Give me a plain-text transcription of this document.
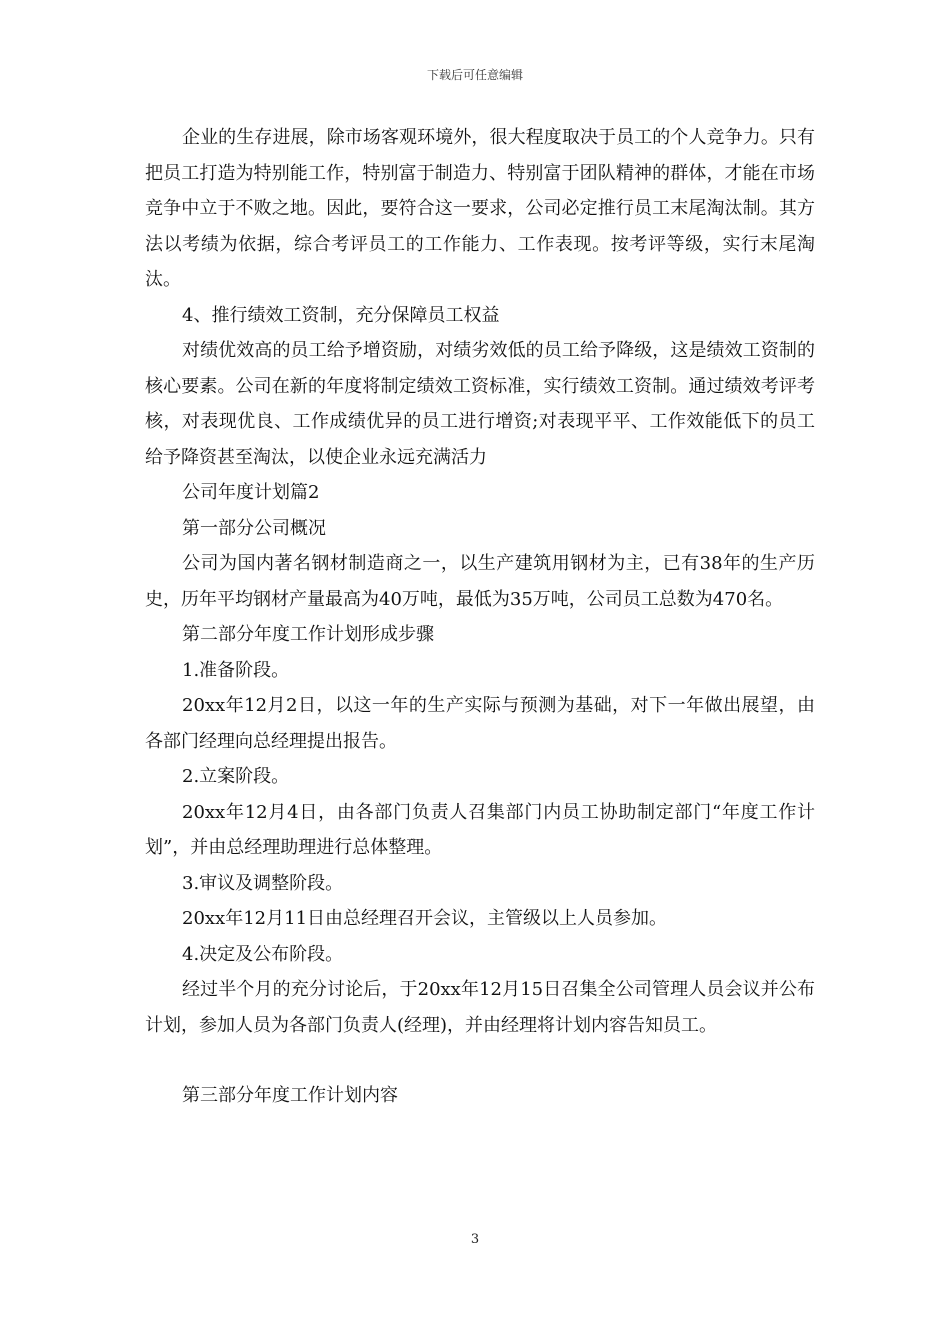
下载后可任意编辑

企业的生存进展，除市场客观环境外，很大程度取决于员工的个人竞争力。只有把员工打造为特别能工作，特别富于制造力、特别富于团队精神的群体，才能在市场竞争中立于不败之地。因此，要符合这一要求，公司必定推行员工末尾淘汰制。其方法以考绩为依据，综合考评员工的工作能力、工作表现。按考评等级，实行末尾淘汰。

4、推行绩效工资制，充分保障员工权益

对绩优效高的员工给予增资励，对绩劣效低的员工给予降级，这是绩效工资制的核心要素。公司在新的年度将制定绩效工资标准，实行绩效工资制。通过绩效考评考核，对表现优良、工作成绩优异的员工进行增资;对表现平平、工作效能低下的员工给予降资甚至淘汰，以使企业永远充满活力

公司年度计划篇2

第一部分公司概况

公司为国内著名钢材制造商之一，以生产建筑用钢材为主，已有38年的生产历史，历年平均钢材产量最高为40万吨，最低为35万吨，公司员工总数为470名。

第二部分年度工作计划形成步骤

1.准备阶段。

20xx年12月2日，以这一年的生产实际与预测为基础，对下一年做出展望，由各部门经理向总经理提出报告。

2.立案阶段。

20xx年12月4日，由各部门负责人召集部门内员工协助制定部门“年度工作计划”，并由总经理助理进行总体整理。

3.审议及调整阶段。

20xx年12月11日由总经理召开会议，主管级以上人员参加。

4.决定及公布阶段。

经过半个月的充分讨论后，于20xx年12月15日召集全公司管理人员会议并公布计划，参加人员为各部门负责人(经理)，并由经理将计划内容告知员工。

第三部分年度工作计划内容

3
